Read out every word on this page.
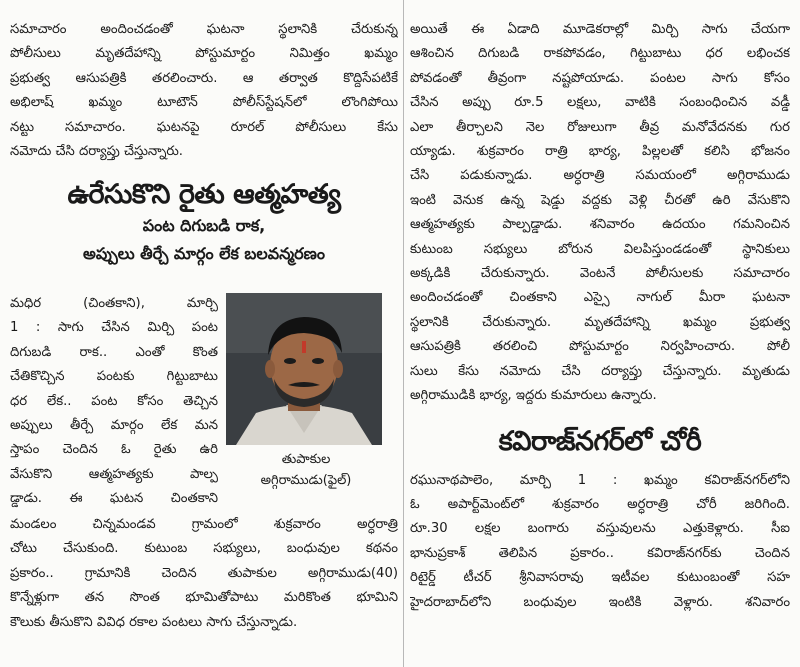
సమాచారం అందించడంతో ఘటనా స్థలానికి చేరుకున్న
పోలీసులు మృతదేహాన్ని పోస్టుమార్టం నిమిత్తం ఖమ్మం
ప్రభుత్వ ఆసుపత్రికి తరలించారు. ఆ తర్వాత కొద్దిసేపటికే
అభిలాష్ ఖమ్మం టూటౌన్ పోలీస్‌స్టేషన్‌లో లొంగిపోయి
నట్టు సమాచారం. ఘటనపై రూరల్ పోలీసులు కేసు
నమోదు చేసి దర్యాప్తు చేస్తున్నారు.
ఉరేసుకొని రైతు ఆత్మహత్య

పంట దిగుబడి రాక,

అప్పులు తీర్చే మార్గం లేక బలవన్మరణం

మధిర (చింతకాని), మార్చి
1 : సాగు చేసిన మిర్చి పంట
దిగుబడి రాక.. ఎంతో కొంత
చేతికొచ్చిన పంటకు గిట్టుబాటు
ధర లేక.. పంట కోసం తెచ్చిన
అప్పులు తీర్చే మార్గం లేక మన
స్తాపం చెందిన ఓ రైతు ఉరి
వేసుకొని ఆత్మహత్యకు పాల్ప
డ్డాడు. ఈ ఘటన చింతకాని
తుపాకుల
అగ్గిరాముడు(ఫైల్)
మండలం చిన్నమండవ గ్రామంలో శుక్రవారం అర్ధరాత్రి
చోటు చేసుకుంది. కుటుంబ సభ్యులు, బంధువుల కథనం
ప్రకారం.. గ్రామానికి చెందిన తుపాకుల అగ్గిరాముడు(40)
కొన్నేళ్లుగా తన సొంత భూమితోపాటు మరికొంత భూమిని
కౌలుకు తీసుకొని వివిధ రకాల పంటలు సాగు చేస్తున్నాడు.
అయితే ఈ ఏడాది మూడెకరాల్లో మిర్చి సాగు చేయగా
ఆశించిన దిగుబడి రాకపోవడం, గిట్టుబాటు ధర లభించక
పోవడంతో తీవ్రంగా నష్టపోయాడు. పంటల సాగు కోసం
చేసిన అప్పు రూ.5 లక్షలు, వాటికి సంబంధించిన వడ్డీ
ఎలా తీర్చాలని నెల రోజులుగా తీవ్ర మనోవేదనకు గుర
య్యాడు. శుక్రవారం రాత్రి భార్య, పిల్లలతో కలిసి భోజనం
చేసి పడుకున్నాడు. అర్ధరాత్రి సమయంలో అగ్గిరాముడు
ఇంటి వెనుక ఉన్న షెడ్డు వద్దకు వెళ్లి చీరతో ఉరి వేసుకొని
ఆత్మహత్యకు పాల్పడ్డాడు. శనివారం ఉదయం గమనించిన
కుటుంబ సభ్యులు బోరున విలపిస్తుండడంతో స్థానికులు
అక్కడికి చేరుకున్నారు. వెంటనే పోలీసులకు సమాచారం
అందించడంతో చింతకాని ఎస్సై నాగుల్ మీరా ఘటనా
స్థలానికి చేరుకున్నారు. మృతదేహాన్ని ఖమ్మం ప్రభుత్వ
ఆసుపత్రికి తరలించి పోస్టుమార్టం నిర్వహించారు. పోలీ
సులు కేసు నమోదు చేసి దర్యాప్తు చేస్తున్నారు. మృతుడు
అగ్గిరాముడికి భార్య, ఇద్దరు కుమారులు ఉన్నారు.
కవిరాజ్‌నగర్‌లో చోరీ
రఘునాథపాలెం, మార్చి 1 : ఖమ్మం కవిరాజ్‌నగర్‌లోని
ఓ అపార్ట్‌మెంట్‌లో శుక్రవారం అర్ధరాత్రి చోరీ జరిగింది.
రూ.30 లక్షల బంగారు వస్తువులను ఎత్తుకెళ్లారు. సీఐ
భానుప్రకాశ్ తెలిపిన ప్రకారం.. కవిరాజ్‌నగర్‌కు చెందిన
రిటైర్డ్ టీచర్ శ్రీనివాసరావు ఇటీవల కుటుంబంతో సహ
హైదరాబాద్‌లోని బంధువుల ఇంటికి వెళ్లారు. శనివారం
